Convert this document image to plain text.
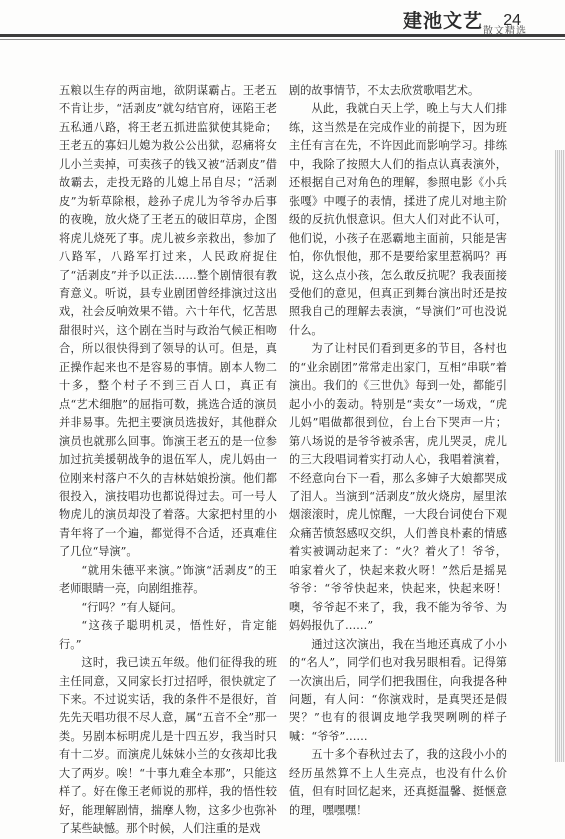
建池文艺 24
散文精选

五粮以生存的两亩地，欲阴谋霸占。王老五不肯让步，“活剥皮”就勾结官府，诬陷王老五私通八路，将王老五抓进监狱使其毙命；王老五的寡妇儿媳为救公公出狱，忍痛将女儿小兰卖掉，可卖孩子的钱又被“活剥皮”借故霸去，走投无路的儿媳上吊自尽；“活剥皮”为斩草除根，趁孙子虎儿为爷爷办后事的夜晚，放火烧了王老五的破旧草房，企图将虎儿烧死了事。虎儿被乡亲救出，参加了八路军，八路军打过来，人民政府捉住了“活剥皮”并予以正法……整个剧情很有教育意义。听说，县专业剧团曾经排演过这出戏，社会反响效果不错。六十年代，忆苦思甜很时兴，这个剧在当时与政治气候正相吻合，所以很快得到了领导的认可。但是，真正操作起来也不是容易的事情。剧本人物二十多，整个村子不到三百人口，真正有点“艺术细胞”的屈指可数，挑选合适的演员并非易事。先把主要演员选拔好，其他群众演员也就那么回事。饰演王老五的是一位参加过抗美援朝战争的退伍军人，虎儿妈由一位刚来村落户不久的吉林姑娘扮演。他们都很投入，演技唱功也都说得过去。可一号人物虎儿的演员却没了着落。大家把村里的小青年将了一个遍，都觉得不合适，还真难住了几位“导演”。

“就用朱德平来演。”饰演“活剥皮”的王老师眼睛一亮，向剧组推荐。

“行吗？”有人疑问。

“这孩子聪明机灵，悟性好，肯定能行。”

这时，我已读五年级。他们征得我的班主任同意，又同家长打过招呼，很快就定了下来。不过说实话，我的条件不是很好，首先先天唱功很不尽人意，属“五音不全”那一类。另剧本标明虎儿是十四五岁，我当时只有十二岁。而演虎儿妹妹小兰的女孩却比我大了两岁。唉！“十事九难全本那”，只能这样了。好在像王老师说的那样，我的悟性较好，能理解剧情，揣摩人物，这多少也弥补了某些缺憾。那个时候，人们注重的是戏

剧的故事情节，不太去欣赏歌唱艺术。

从此，我就白天上学，晚上与大人们排练，这当然是在完成作业的前提下，因为班主任有言在先，不许因此而影响学习。排练中，我除了按照大人们的指点认真表演外，还根据自己对角色的理解，参照电影《小兵张嘎》中嘎子的表情，揉进了虎儿对地主阶级的反抗仇恨意识。但大人们对此不认可，他们说，小孩子在恶霸地主面前，只能是害怕，你仇恨他，那不是要给家里惹祸吗？再说，这么点小孩，怎么敢反抗呢？我表面接受他们的意见，但真正到舞台演出时还是按照我自己的理解去表演，“导演们”可也没说什么。

为了让村民们看到更多的节目，各村也的“业余剧团”常常走出家门，互相“串联”着演出。我们的《三世仇》每到一处，都能引起小小的轰动。特别是“卖女”一场戏，“虎儿妈”唱做都很到位，台上台下哭声一片；第八场说的是爷爷被杀害，虎儿哭灵，虎儿的三大段唱词着实打动人心，我唱着演着，不经意向台下一看，那么多婶子大娘都哭成了泪人。当演到“活剥皮”放火烧房，屋里浓烟滚滚时，虎儿惊醒，一大段台词使台下观众痛苦愤怒感叹交织，人们善良朴素的情感着实被调动起来了：“火？着火了！爷爷，咱家着火了，快起来救火呀！”然后是摇晃爷爷：“爷爷快起来，快起来，快起来呀！噢，爷爷起不来了，我，我不能为爷爷、为妈妈报仇了……”

通过这次演出，我在当地还真成了小小的“名人”，同学们也对我另眼相看。记得第一次演出后，同学们把我围住，向我提各种问题，有人问：“你演戏时，是真哭还是假哭？”也有的很调皮地学我哭咧咧的样子喊：“爷爷”……

五十多个春秋过去了，我的这段小小的经历虽然算不上人生亮点，也没有什么价值，但有时回忆起来，还真挺温馨、挺惬意的理，嘿嘿嘿！
